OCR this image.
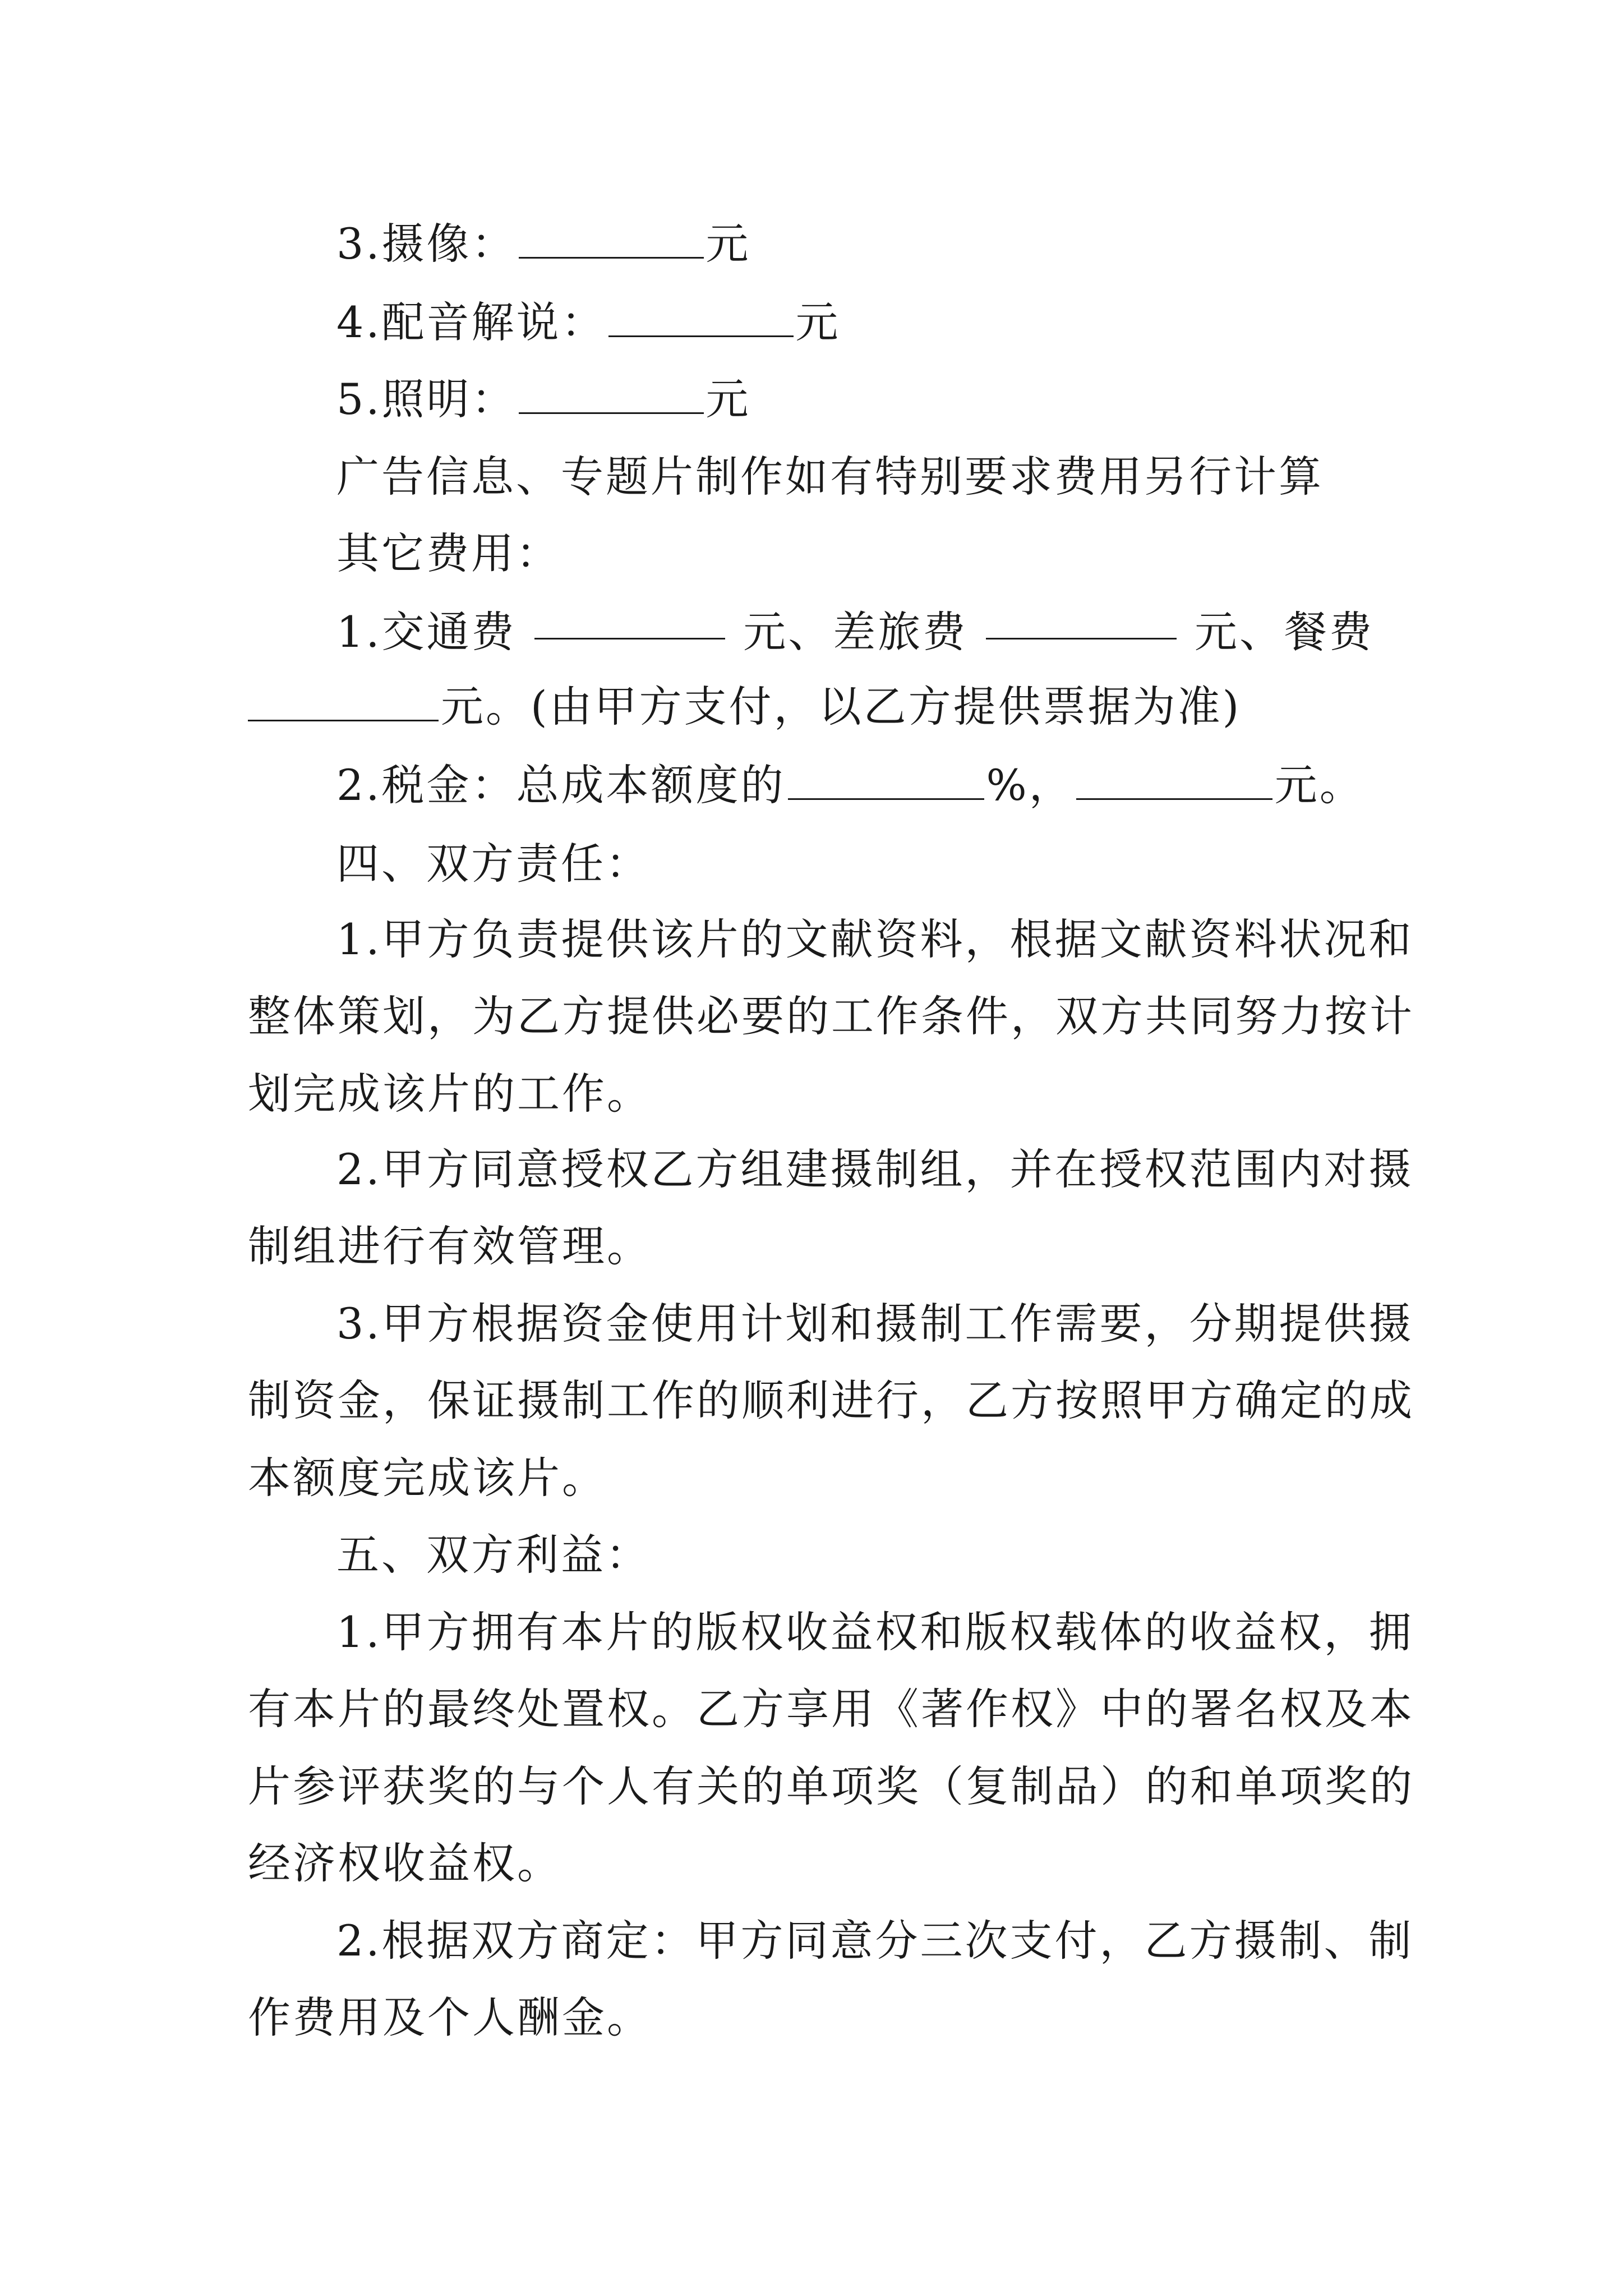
3.摄像：	元
4.配音解说：	元
5.照明：	元
广告信息、专题片制作如有特别要求费用另行计算
其它费用：
1.交通费	元、差旅费	元、餐费
元。(由甲方支付，以乙方提供票据为准)
2.税金：总成本额度的	%，	元。
四、双方责任：
1.甲方负责提供该片的文献资料，根据文献资料状况和
整体策划，为乙方提供必要的工作条件，双方共同努力按计
划完成该片的工作。
2.甲方同意授权乙方组建摄制组，并在授权范围内对摄
制组进行有效管理。
3.甲方根据资金使用计划和摄制工作需要，分期提供摄
制资金，保证摄制工作的顺利进行，乙方按照甲方确定的成
本额度完成该片。
五、双方利益：
1.甲方拥有本片的版权收益权和版权载体的收益权，拥
有本片的最终处置权。乙方享用《著作权》中的署名权及本
片参评获奖的与个人有关的单项奖（复制品）的和单项奖的
经济权收益权。
2.根据双方商定：甲方同意分三次支付，乙方摄制、制
作费用及个人酬金。
